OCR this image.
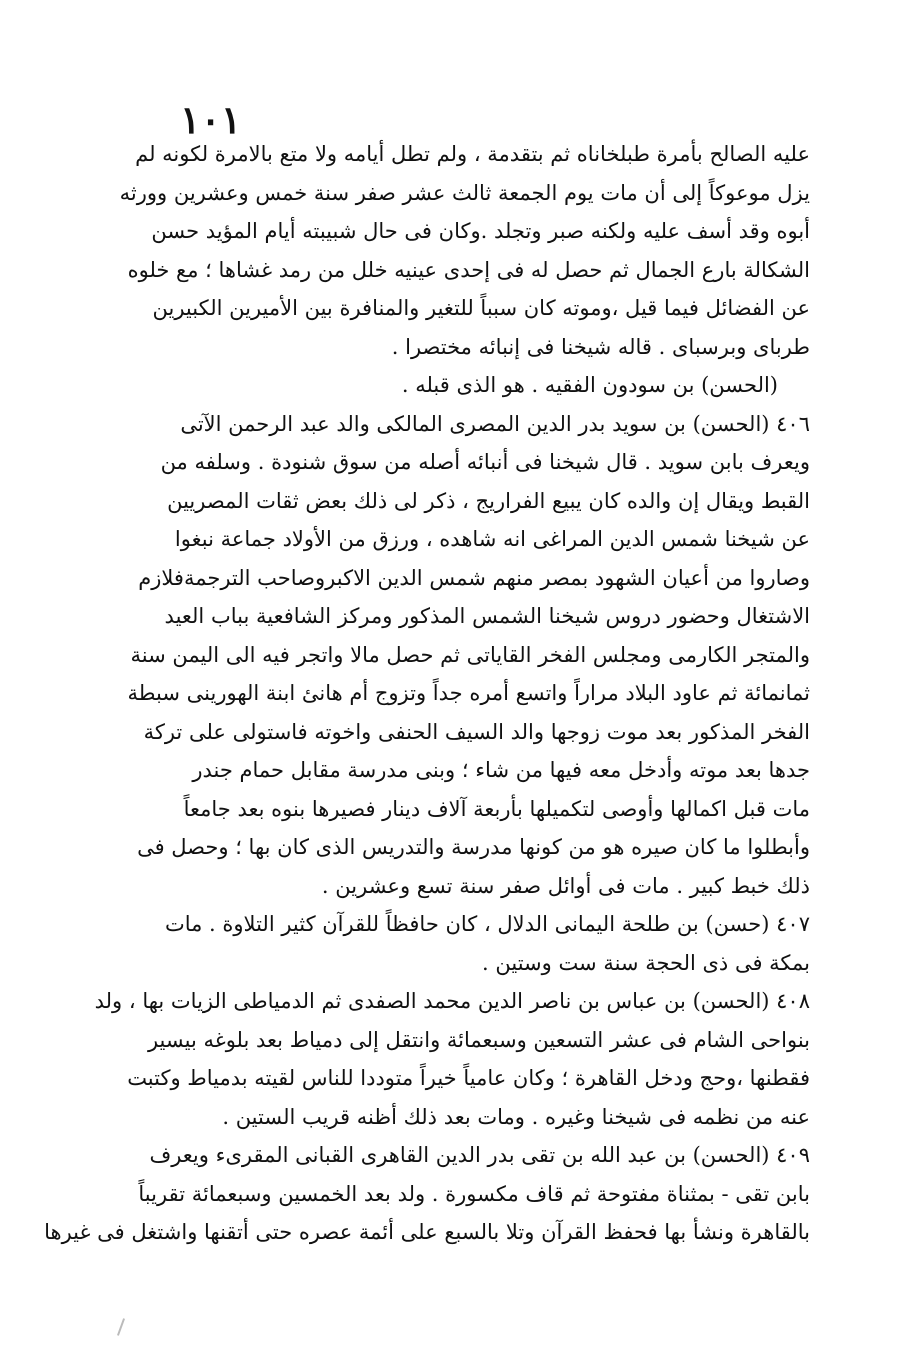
١٠١
عليه الصالح بأمرة طبلخاناه ثم بتقدمة ، ولم تطل أيامه ولا متع بالامرة لكونه لم
يزل موعوكاً إلى أن مات يوم الجمعة ثالث عشر صفر سنة خمس وعشرين وورثه
أبوه وقد أسف عليه ولكنه صبر وتجلد .وكان فى حال شبيبته أيام المؤيد حسن
الشكالة بارع الجمال ثم حصل له فى إحدى عينيه خلل من رمد غشاها ؛ مع خلوه
عن الفضائل فيما قيل ،وموته كان سبباً للتغير والمنافرة بين الأميرين الكبيرين
طرباى وبرسباى . قاله شيخنا فى إنبائه مختصرا .
(الحسن) بن سودون الفقيه . هو الذى قبله .
٤٠٦ (الحسن) بن سويد بدر الدين المصرى المالكى والد عبد الرحمن الآتى
ويعرف بابن سويد . قال شيخنا فى أنبائه أصله من سوق شنودة . وسلفه من
القبط ويقال إن والده كان يبيع الفراريج ، ذكر لى ذلك بعض ثقات المصريين
عن شيخنا شمس الدين المراغى انه شاهده ، ورزق من الأولاد جماعة نبغوا
وصاروا من أعيان الشهود بمصر منهم شمس الدين الاكبروصاحب الترجمةفلازم
الاشتغال وحضور دروس شيخنا الشمس المذكور ومركز الشافعية بباب العيد
والمتجر الكارمى ومجلس الفخر القاياتى ثم حصل مالا واتجر فيه الى اليمن سنة
ثمانمائة ثم عاود البلاد مراراً واتسع أمره جداً وتزوج أم هانئ ابنة الهورينى سبطة
الفخر المذكور بعد موت زوجها والد السيف الحنفى واخوته فاستولى على تركة
جدها بعد موته وأدخل معه فيها من شاء ؛ وبنى مدرسة مقابل حمام جندر
مات قبل اكمالها وأوصى لتكميلها بأربعة آلاف دينار فصيرها بنوه بعد جامعاً
وأبطلوا ما كان صيره هو من كونها مدرسة والتدريس الذى كان بها ؛ وحصل فى
ذلك خبط كبير . مات فى أوائل صفر سنة تسع وعشرين .
٤٠٧ (حسن) بن طلحة اليمانى الدلال ، كان حافظاً للقرآن كثير التلاوة . مات
بمكة فى ذى الحجة سنة ست وستين .
٤٠٨ (الحسن) بن عباس بن ناصر الدين محمد الصفدى ثم الدمياطى الزيات بها ، ولد
بنواحى الشام فى عشر التسعين وسبعمائة وانتقل إلى دمياط بعد بلوغه بيسير
فقطنها ،وحج ودخل القاهرة ؛ وكان عامياً خيراً متوددا للناس لقيته بدمياط وكتبت
عنه من نظمه فى شيخنا وغيره . ومات بعد ذلك أظنه قريب الستين .
٤٠٩ (الحسن) بن عبد الله بن تقى بدر الدين القاهرى القبانى المقرىء ويعرف
بابن تقى - بمثناة مفتوحة ثم قاف مكسورة . ولد بعد الخمسين وسبعمائة تقريباً
بالقاهرة ونشأ بها فحفظ القرآن وتلا بالسبع على أئمة عصره حتى أتقنها واشتغل فى غيرها
